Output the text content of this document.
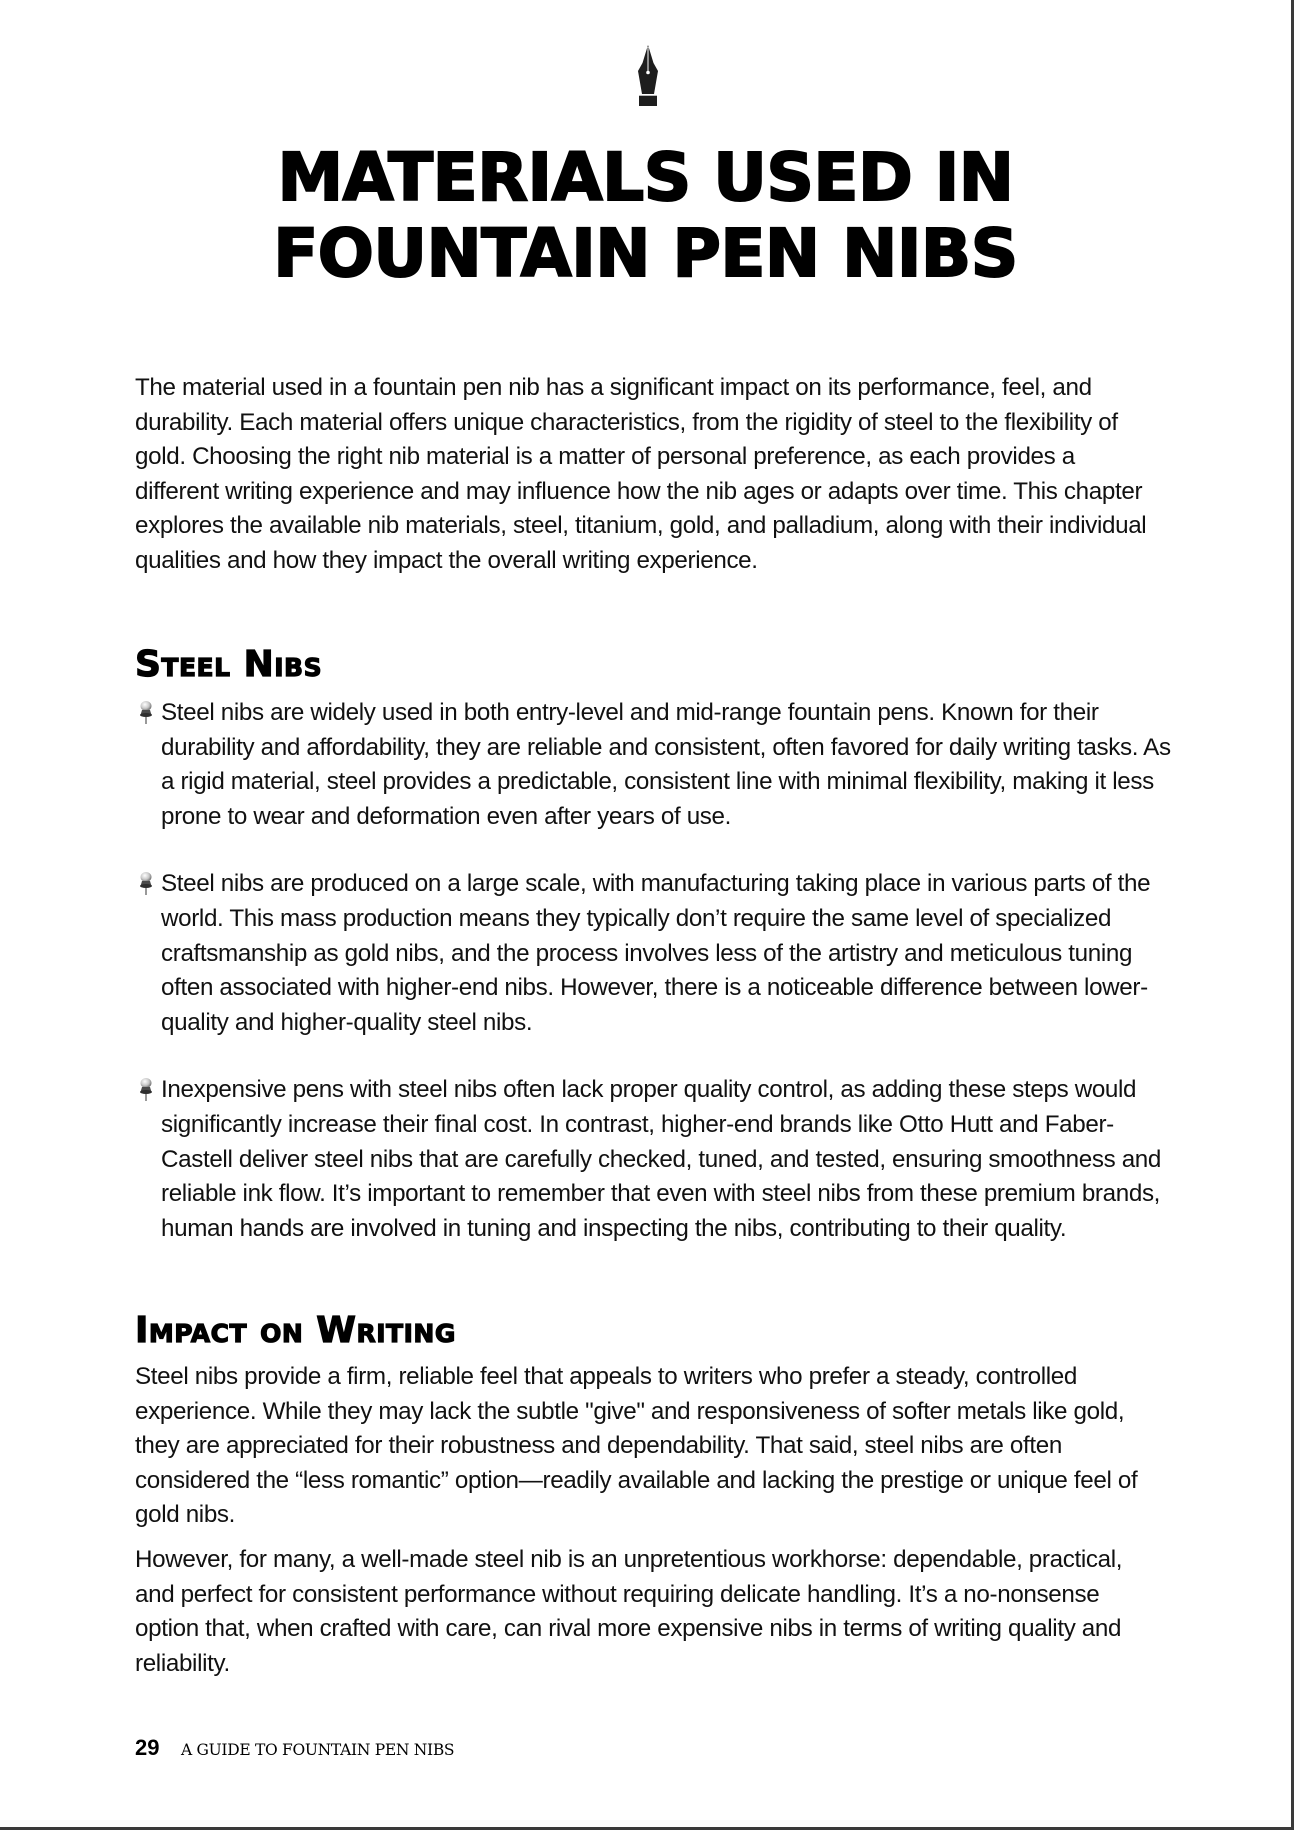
MATERIALS USED IN
FOUNTAIN PEN NIBS

The material used in a fountain pen nib has a significant impact on its performance, feel, and durability. Each material offers unique characteristics, from the rigidity of steel to the flexibility of gold. Choosing the right nib material is a matter of personal preference, as each provides a different writing experience and may influence how the nib ages or adapts over time. This chapter explores the available nib materials, steel, titanium, gold, and palladium, along with their individual qualities and how they impact the overall writing experience.

Steel Nibs
Steel nibs are widely used in both entry-level and mid-range fountain pens. Known for their durability and affordability, they are reliable and consistent, often favored for daily writing tasks. As a rigid material, steel provides a predictable, consistent line with minimal flexibility, making it less prone to wear and deformation even after years of use.
Steel nibs are produced on a large scale, with manufacturing taking place in various parts of the world. This mass production means they typically don’t require the same level of specialized craftsmanship as gold nibs, and the process involves less of the artistry and meticulous tuning often associated with higher-end nibs. However, there is a noticeable difference between lower-quality and higher-quality steel nibs.
Inexpensive pens with steel nibs often lack proper quality control, as adding these steps would significantly increase their final cost. In contrast, higher-end brands like Otto Hutt and Faber-Castell deliver steel nibs that are carefully checked, tuned, and tested, ensuring smoothness and reliable ink flow. It’s important to remember that even with steel nibs from these premium brands, human hands are involved in tuning and inspecting the nibs, contributing to their quality.
Impact on Writing

Steel nibs provide a firm, reliable feel that appeals to writers who prefer a steady, controlled experience. While they may lack the subtle "give" and responsiveness of softer metals like gold, they are appreciated for their robustness and dependability. That said, steel nibs are often considered the “less romantic” option—readily available and lacking the prestige or unique feel of gold nibs.

However, for many, a well-made steel nib is an unpretentious workhorse: dependable, practical, and perfect for consistent performance without requiring delicate handling. It’s a no-nonsense option that, when crafted with care, can rival more expensive nibs in terms of writing quality and reliability.

29	A GUIDE TO FOUNTAIN PEN NIBS
